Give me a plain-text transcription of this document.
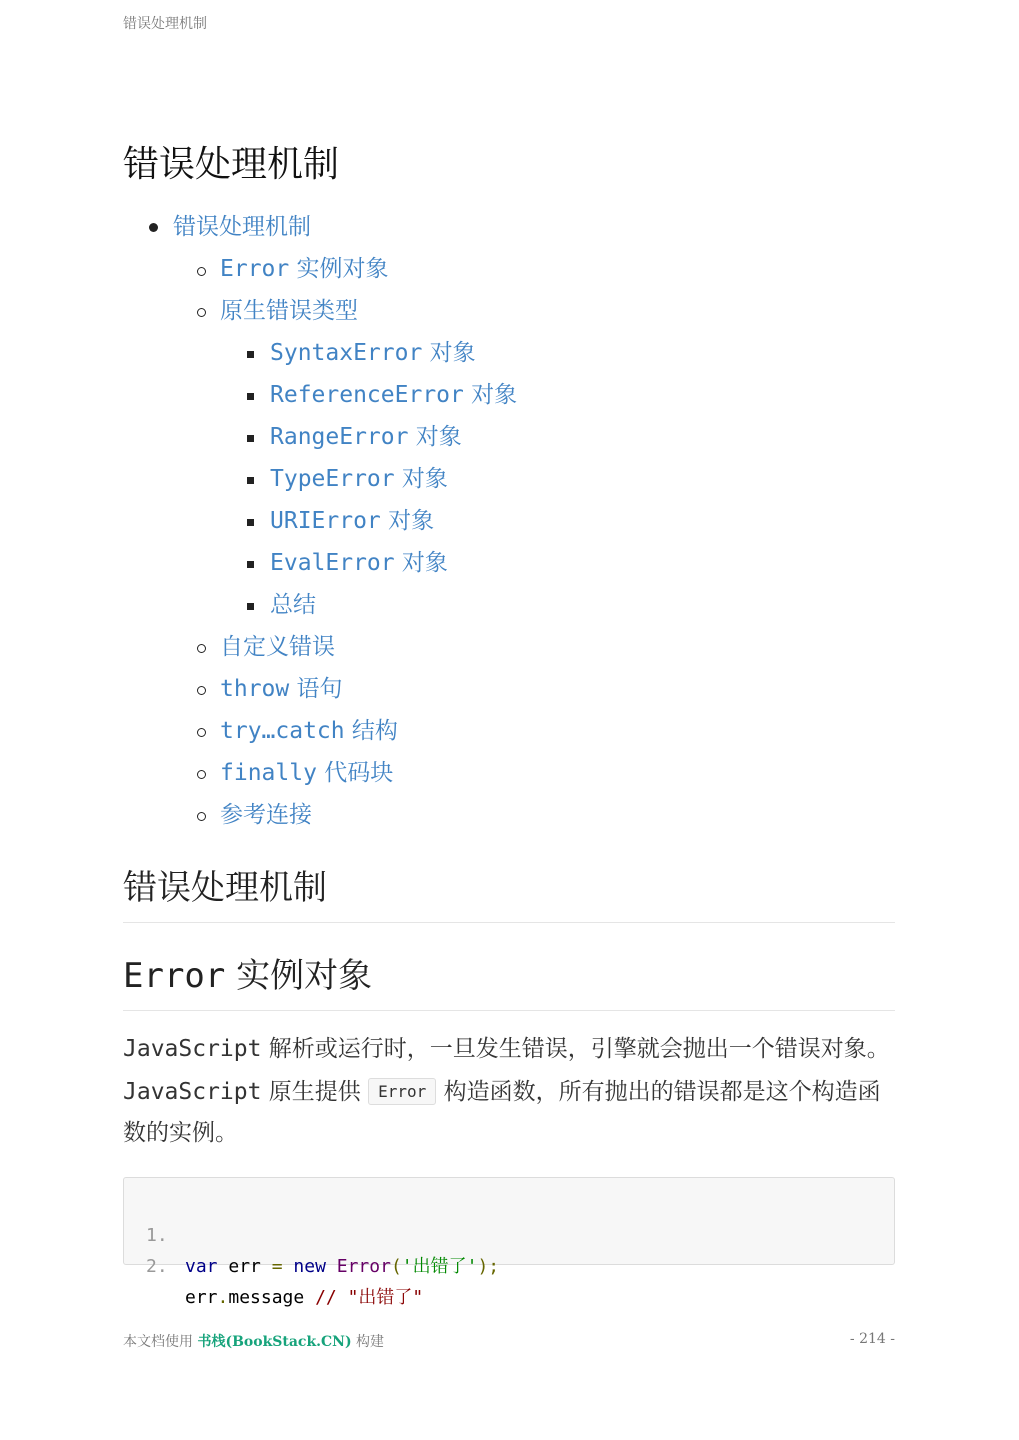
错误处理机制
错误处理机制
错误处理机制
Error 实例对象
原生错误类型
SyntaxError 对象
ReferenceError 对象
RangeError 对象
TypeError 对象
URIError 对象
EvalError 对象
总结
自定义错误
throw 语句
try…catch 结构
finally 代码块
参考连接
错误处理机制
Error 实例对象

JavaScript 解析或运行时，一旦发生错误，引擎就会抛出一个错误对象。JavaScript 原生提供 Error 构造函数，所有抛出的错误都是这个构造函数的实例。

1.

var err = new Error('出错了');

2.

err.message // "出错了"

本文档使用 书栈(BookStack.CN) 构建	- 214 -
